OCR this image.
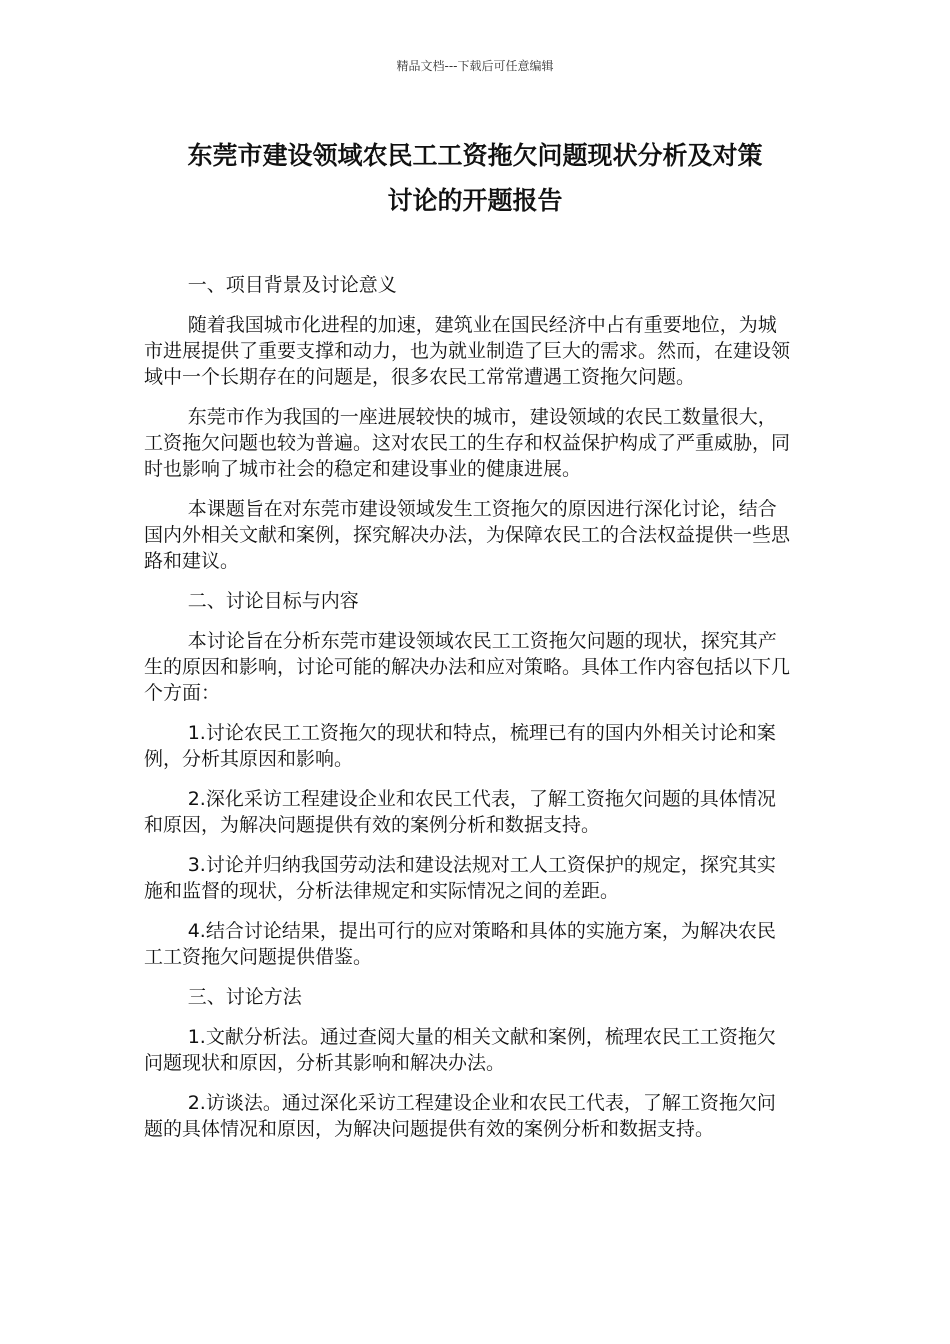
精品文档---下载后可任意编辑
东莞市建设领域农民工工资拖欠问题现状分析及对策
讨论的开题报告

一、项目背景及讨论意义

随着我国城市化进程的加速，建筑业在国民经济中占有重要地位，为城市进展提供了重要支撑和动力，也为就业制造了巨大的需求。然而，在建设领域中一个长期存在的问题是，很多农民工常常遭遇工资拖欠问题。

东莞市作为我国的一座进展较快的城市，建设领域的农民工数量很大，工资拖欠问题也较为普遍。这对农民工的生存和权益保护构成了严重威胁，同时也影响了城市社会的稳定和建设事业的健康进展。

本课题旨在对东莞市建设领域发生工资拖欠的原因进行深化讨论，结合国内外相关文献和案例，探究解决办法，为保障农民工的合法权益提供一些思路和建议。

二、讨论目标与内容

本讨论旨在分析东莞市建设领域农民工工资拖欠问题的现状，探究其产生的原因和影响，讨论可能的解决办法和应对策略。具体工作内容包括以下几个方面：

1.讨论农民工工资拖欠的现状和特点，梳理已有的国内外相关讨论和案例，分析其原因和影响。

2.深化采访工程建设企业和农民工代表，了解工资拖欠问题的具体情况和原因，为解决问题提供有效的案例分析和数据支持。

3.讨论并归纳我国劳动法和建设法规对工人工资保护的规定，探究其实施和监督的现状，分析法律规定和实际情况之间的差距。

4.结合讨论结果，提出可行的应对策略和具体的实施方案，为解决农民工工资拖欠问题提供借鉴。

三、讨论方法

1.文献分析法。通过查阅大量的相关文献和案例，梳理农民工工资拖欠问题现状和原因，分析其影响和解决办法。

2.访谈法。通过深化采访工程建设企业和农民工代表，了解工资拖欠问题的具体情况和原因，为解决问题提供有效的案例分析和数据支持。
